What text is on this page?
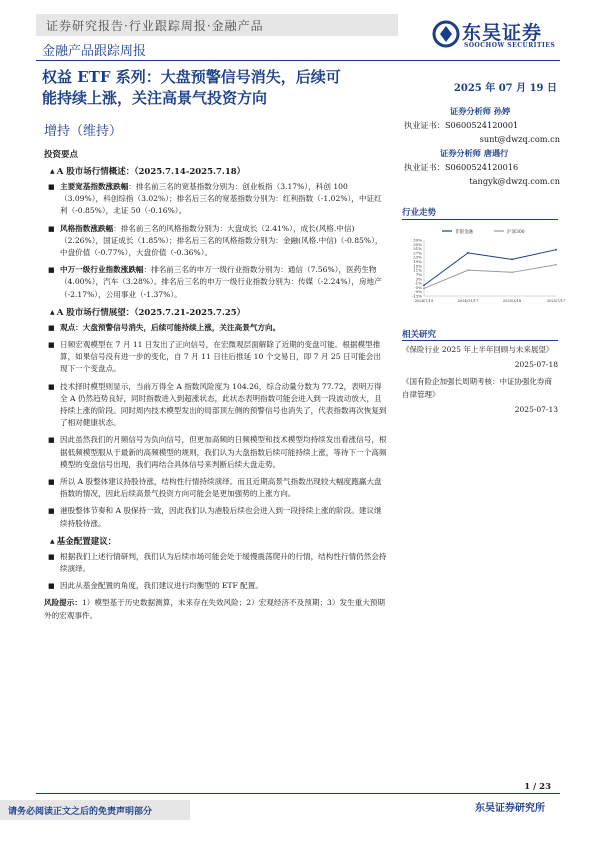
证券研究报告·行业跟踪周报·金融产品
金融产品跟踪周报
东吴证券
SOOCHOW SECURITIES
权益 ETF 系列：大盘预警信号消失，后续可
能持续上涨，关注高景气投资方向
增持（维持）
2025 年 07 月 19 日
证券分析师 孙婷
执业证书：S0600524120001
sunt@dwzq.com.cn
证券分析师 唐遇行
执业证书：S0600524120016
tangyk@dwzq.com.cn
行业走势
非银金融	沪深300
39%
35%
31%
27%
23%
19%
15%
11%
7%
3%
-1%
-5%
-9%
-13%
2024/7/19	2024/11/17	2025/3/18	2025/7/17
相关研究
《保险行业 2025 年上半年回顾与未来展望》
2025-07-18
《国有险企加强长周期考核：中证协强化券商自律管理》
2025-07-13
投资要点
▲ A 股市场行情概述：（2025.7.14-2025.7.18）
■ 主要宽基指数涨跌幅：排名前三名的宽基指数分别为：创业板指（3.17%），科创 100（3.09%），科创综指（3.02%）；排名后三名的宽基指数分别为：红利指数（-1.02%），中证红利（-0.85%），北证 50（-0.16%）。
■ 风格指数涨跌幅：排名前三名的风格指数分别为：大盘成长（2.41%），成长(风格.中信)（2.26%），国证成长（1.85%）；排名后三名的风格指数分别为：金融(风格.中信)（-0.85%），中盘价值（-0.77%），大盘价值（-0.36%）。
■ 中万一级行业指数涨跌幅：排名前三名的申万一级行业指数分别为：通信（7.56%），医药生物（4.00%），汽车（3.28%）。排名后三名的申万一级行业指数分别为：传媒（-2.24%），房地产（-2.17%），公用事业（-1.37%）。
▲ A 股市场行情展望：（2025.7.21-2025.7.25）
■ 观点：大盘预警信号消失，后续可能持续上涨，关注高景气方向。
■ 日频宏观模型在 7 月 11 日发出了正向信号，在宏微观层面解除了近期的变盘可能。根据模型推算，如果信号没有进一步的变化，自 7 月 11 日往后推延 10 个交易日，即 7 月 25 日可能会出现下一个变盘点。
■ 技术择时模型则显示，当前万得全 A 指数风险度为 104.26，综合动量分数为 77.72，表明万得全 A 仍然趋势良好，同时指数进入到超涨状态，此状态表明指数可能会进入到一段波动放大，且持续上涨的阶段。同时周内技术模型发出的局部顶左侧的预警信号也消失了，代表指数再次恢复到了相对健康状态。
■ 因此虽然我们的月频信号为负向信号，但更加高频的日频模型和技术模型均持续发出看涨信号，根据低频模型服从于最新的高频模型的规则，我们认为大盘指数后续可能持续上涨，等待下一个高频模型的变盘信号出现，我们再结合具体信号来判断后续大盘走势。
■ 所以 A 股整体建议持股待涨，结构性行情持续演绎。而且近期高景气指数出现较大幅度跑赢大盘指数的情况，因此后续高景气投资方向可能会是更加强势的上涨方向。
■ 港股整体节奏和 A 股保持一致，因此我们认为港股后续也会进入到一段持续上涨的阶段。建议继续持股待涨。
▲ 基金配置建议：
■ 根据我们上述行情研判，我们认为后续市场可能会处于缓慢震荡爬升的行情，结构性行情仍然会持续演绎。
■ 因此从基金配置的角度，我们建议进行均衡型的 ETF 配置。
风险提示：1）模型基于历史数据测算，未来存在失效风险；2）宏观经济不及预期；3）发生重大预期外的宏观事件。
1 / 23
请务必阅读正文之后的免责声明部分	东吴证券研究所
